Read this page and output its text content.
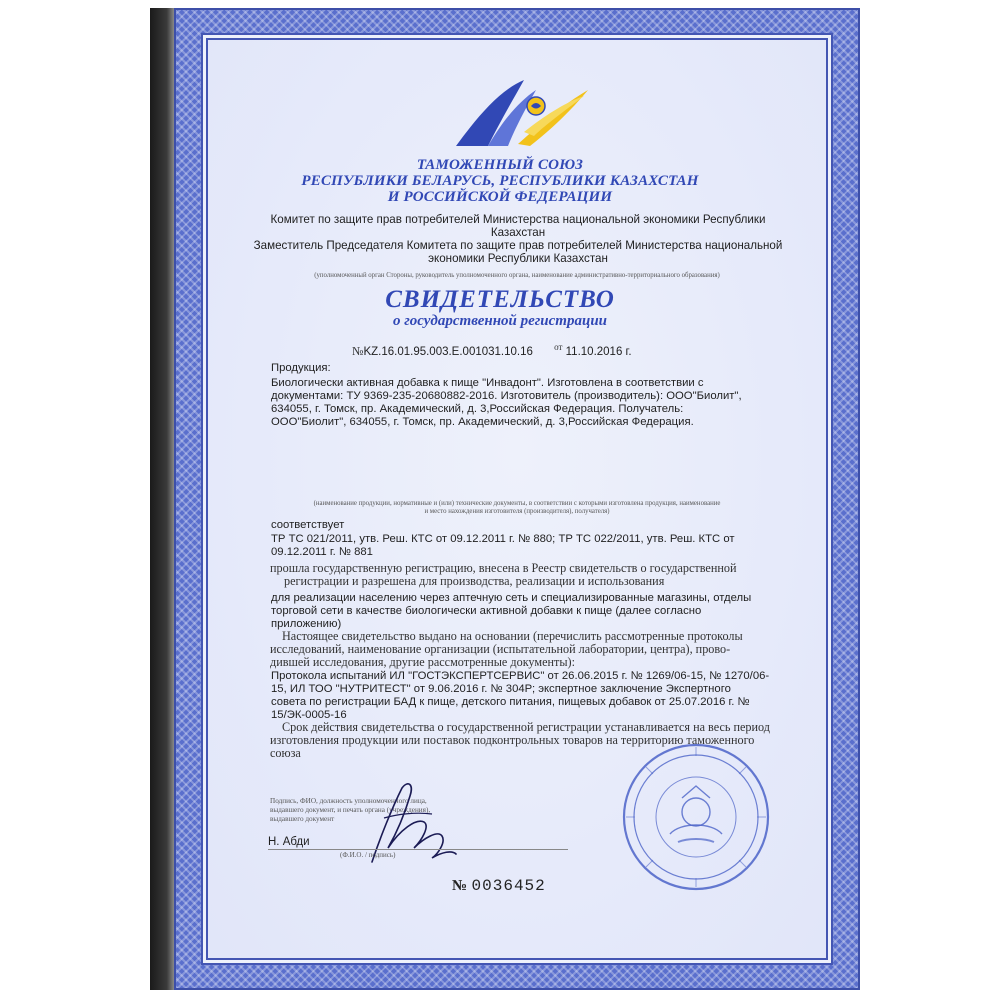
ТАМОЖЕННЫЙ СОЮЗ
РЕСПУБЛИКИ БЕЛАРУСЬ, РЕСПУБЛИКИ КАЗАХСТАН
И РОССИЙСКОЙ ФЕДЕРАЦИИ
Комитет по защите прав потребителей Министерства национальной экономики Республики
Казахстан
Заместитель Председателя Комитета по защите прав потребителей Министерства национальной
экономики Республики Казахстан
(уполномоченный орган Стороны, руководитель уполномоченного органа, наименование административно-территориального образования)
СВИДЕТЕЛЬСТВО
о государственной регистрации
№KZ.16.01.95.003.E.001031.10.16 $^{от}$ 11.10.2016 г.
Продукция:
Биологически активная добавка к пище "Инвадонт". Изготовлена в соответствии с
документами: ТУ 9369-235-20680882-2016. Изготовитель (производитель): ООО"Биолит",
634055, г. Томск, пр. Академический, д. 3,Российская Федерация. Получатель:
ООО"Биолит", 634055, г. Томск, пр. Академический, д. 3,Российская Федерация.
(наименование продукции, нормативные и (или) технические документы, в соответствии с которыми изготовлена продукция, наименование
и место нахождения изготовителя (производителя), получателя)
соответствует
ТР ТС 021/2011, утв. Реш. КТС от 09.12.2011 г. № 880; ТР ТС 022/2011, утв. Реш. КТС от
09.12.2011 г. № 881
прошла государственную регистрацию, внесена в Реестр свидетельств о государственной
регистрации и разрешена для производства, реализации и использования
для реализации населению через аптечную сеть и специализированные магазины, отделы
торговой сети в качестве биологически активной добавки к пище (далее согласно
приложению)
Настоящее свидетельство выдано на основании (перечислить рассмотренные протоколы
исследований, наименование организации (испытательной лаборатории, центра), прово-
дившей исследования, другие рассмотренные документы):
Протокола испытаний ИЛ "ГОСТЭКСПЕРТСЕРВИС" от 26.06.2015 г. № 1269/06-15, № 1270/06-
15, ИЛ ТОО "НУТРИТЕСТ" от 9.06.2016 г. № 304Р; экспертное заключение Экспертного
совета по регистрации БАД к пище, детского питания, пищевых добавок от 25.07.2016 г. №
15/ЭК-0005-16
Срок действия свидетельства о государственной регистрации устанавливается на весь период
изготовления продукции или поставок подконтрольных товаров на территорию таможенного
союза
Подпись, ФИО, должность уполномоченного лица,
выдавшего документ, и печать органа (учреждения),
выдавшего документ
Н. Абди
(Ф.И.О. / подпись)
№ 0036452
